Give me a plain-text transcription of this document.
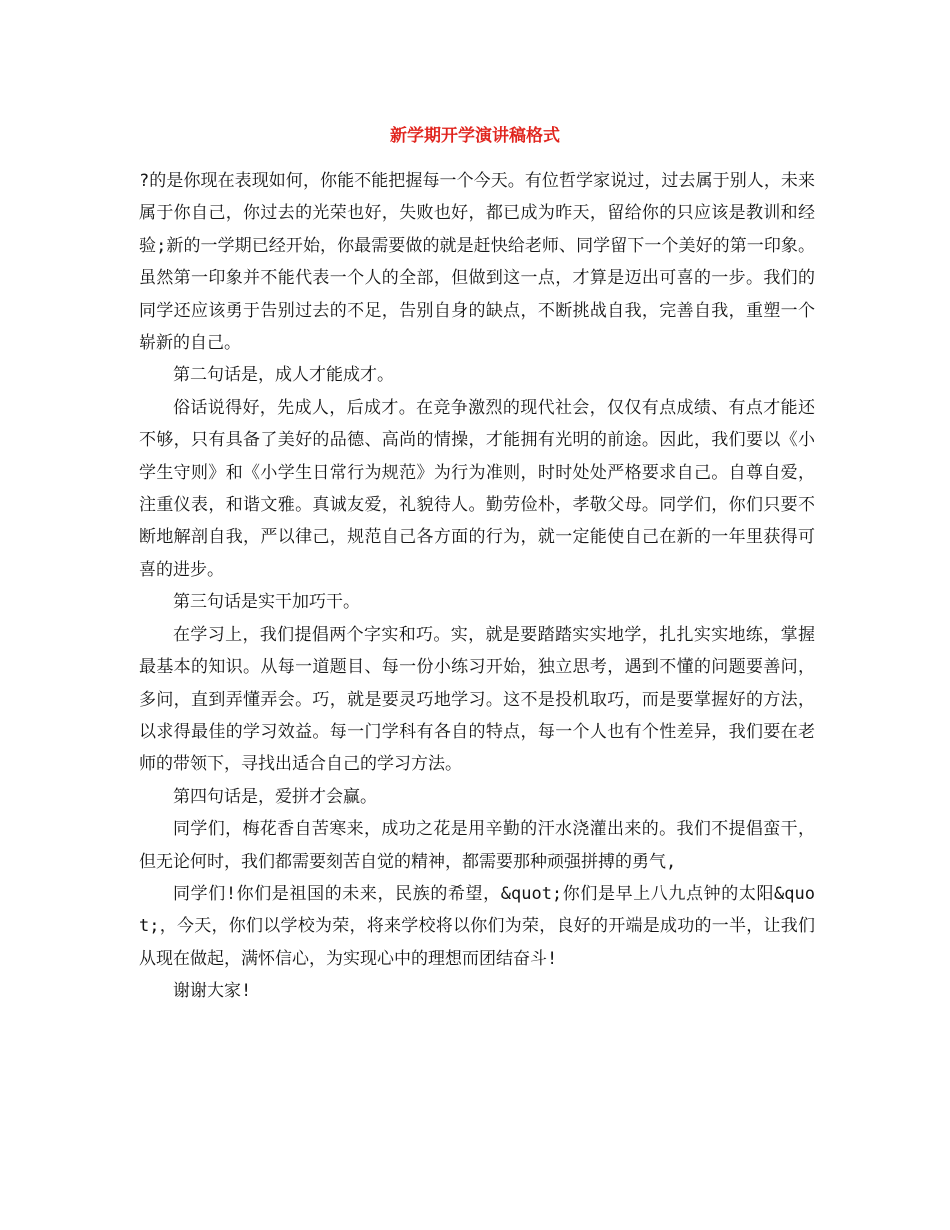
新学期开学演讲稿格式

?的是你现在表现如何，你能不能把握每一个今天。有位哲学家说过，过去属于别人，未来属于你自己，你过去的光荣也好，失败也好，都已成为昨天，留给你的只应该是教训和经验;新的一学期已经开始，你最需要做的就是赶快给老师、同学留下一个美好的第一印象。虽然第一印象并不能代表一个人的全部，但做到这一点，才算是迈出可喜的一步。我们的同学还应该勇于告别过去的不足，告别自身的缺点，不断挑战自我，完善自我，重塑一个崭新的自己。

第二句话是，成人才能成才。

俗话说得好，先成人，后成才。在竞争激烈的现代社会，仅仅有点成绩、有点才能还不够，只有具备了美好的品德、高尚的情操，才能拥有光明的前途。因此，我们要以《小学生守则》和《小学生日常行为规范》为行为准则，时时处处严格要求自己。自尊自爱，注重仪表，和谐文雅。真诚友爱，礼貌待人。勤劳俭朴，孝敬父母。同学们，你们只要不断地解剖自我，严以律己，规范自己各方面的行为，就一定能使自己在新的一年里获得可喜的进步。

第三句话是实干加巧干。

在学习上，我们提倡两个字实和巧。实，就是要踏踏实实地学，扎扎实实地练，掌握最基本的知识。从每一道题目、每一份小练习开始，独立思考，遇到不懂的问题要善问，多问，直到弄懂弄会。巧，就是要灵巧地学习。这不是投机取巧，而是要掌握好的方法，以求得最佳的学习效益。每一门学科有各自的特点，每一个人也有个性差异，我们要在老师的带领下，寻找出适合自己的学习方法。

第四句话是，爱拼才会赢。

同学们，梅花香自苦寒来，成功之花是用辛勤的汗水浇灌出来的。我们不提倡蛮干，但无论何时，我们都需要刻苦自觉的精神，都需要那种顽强拼搏的勇气,

同学们!你们是祖国的未来，民族的希望，&quot;你们是早上八九点钟的太阳&quot;，今天，你们以学校为荣，将来学校将以你们为荣，良好的开端是成功的一半，让我们从现在做起，满怀信心，为实现心中的理想而团结奋斗!

谢谢大家!
